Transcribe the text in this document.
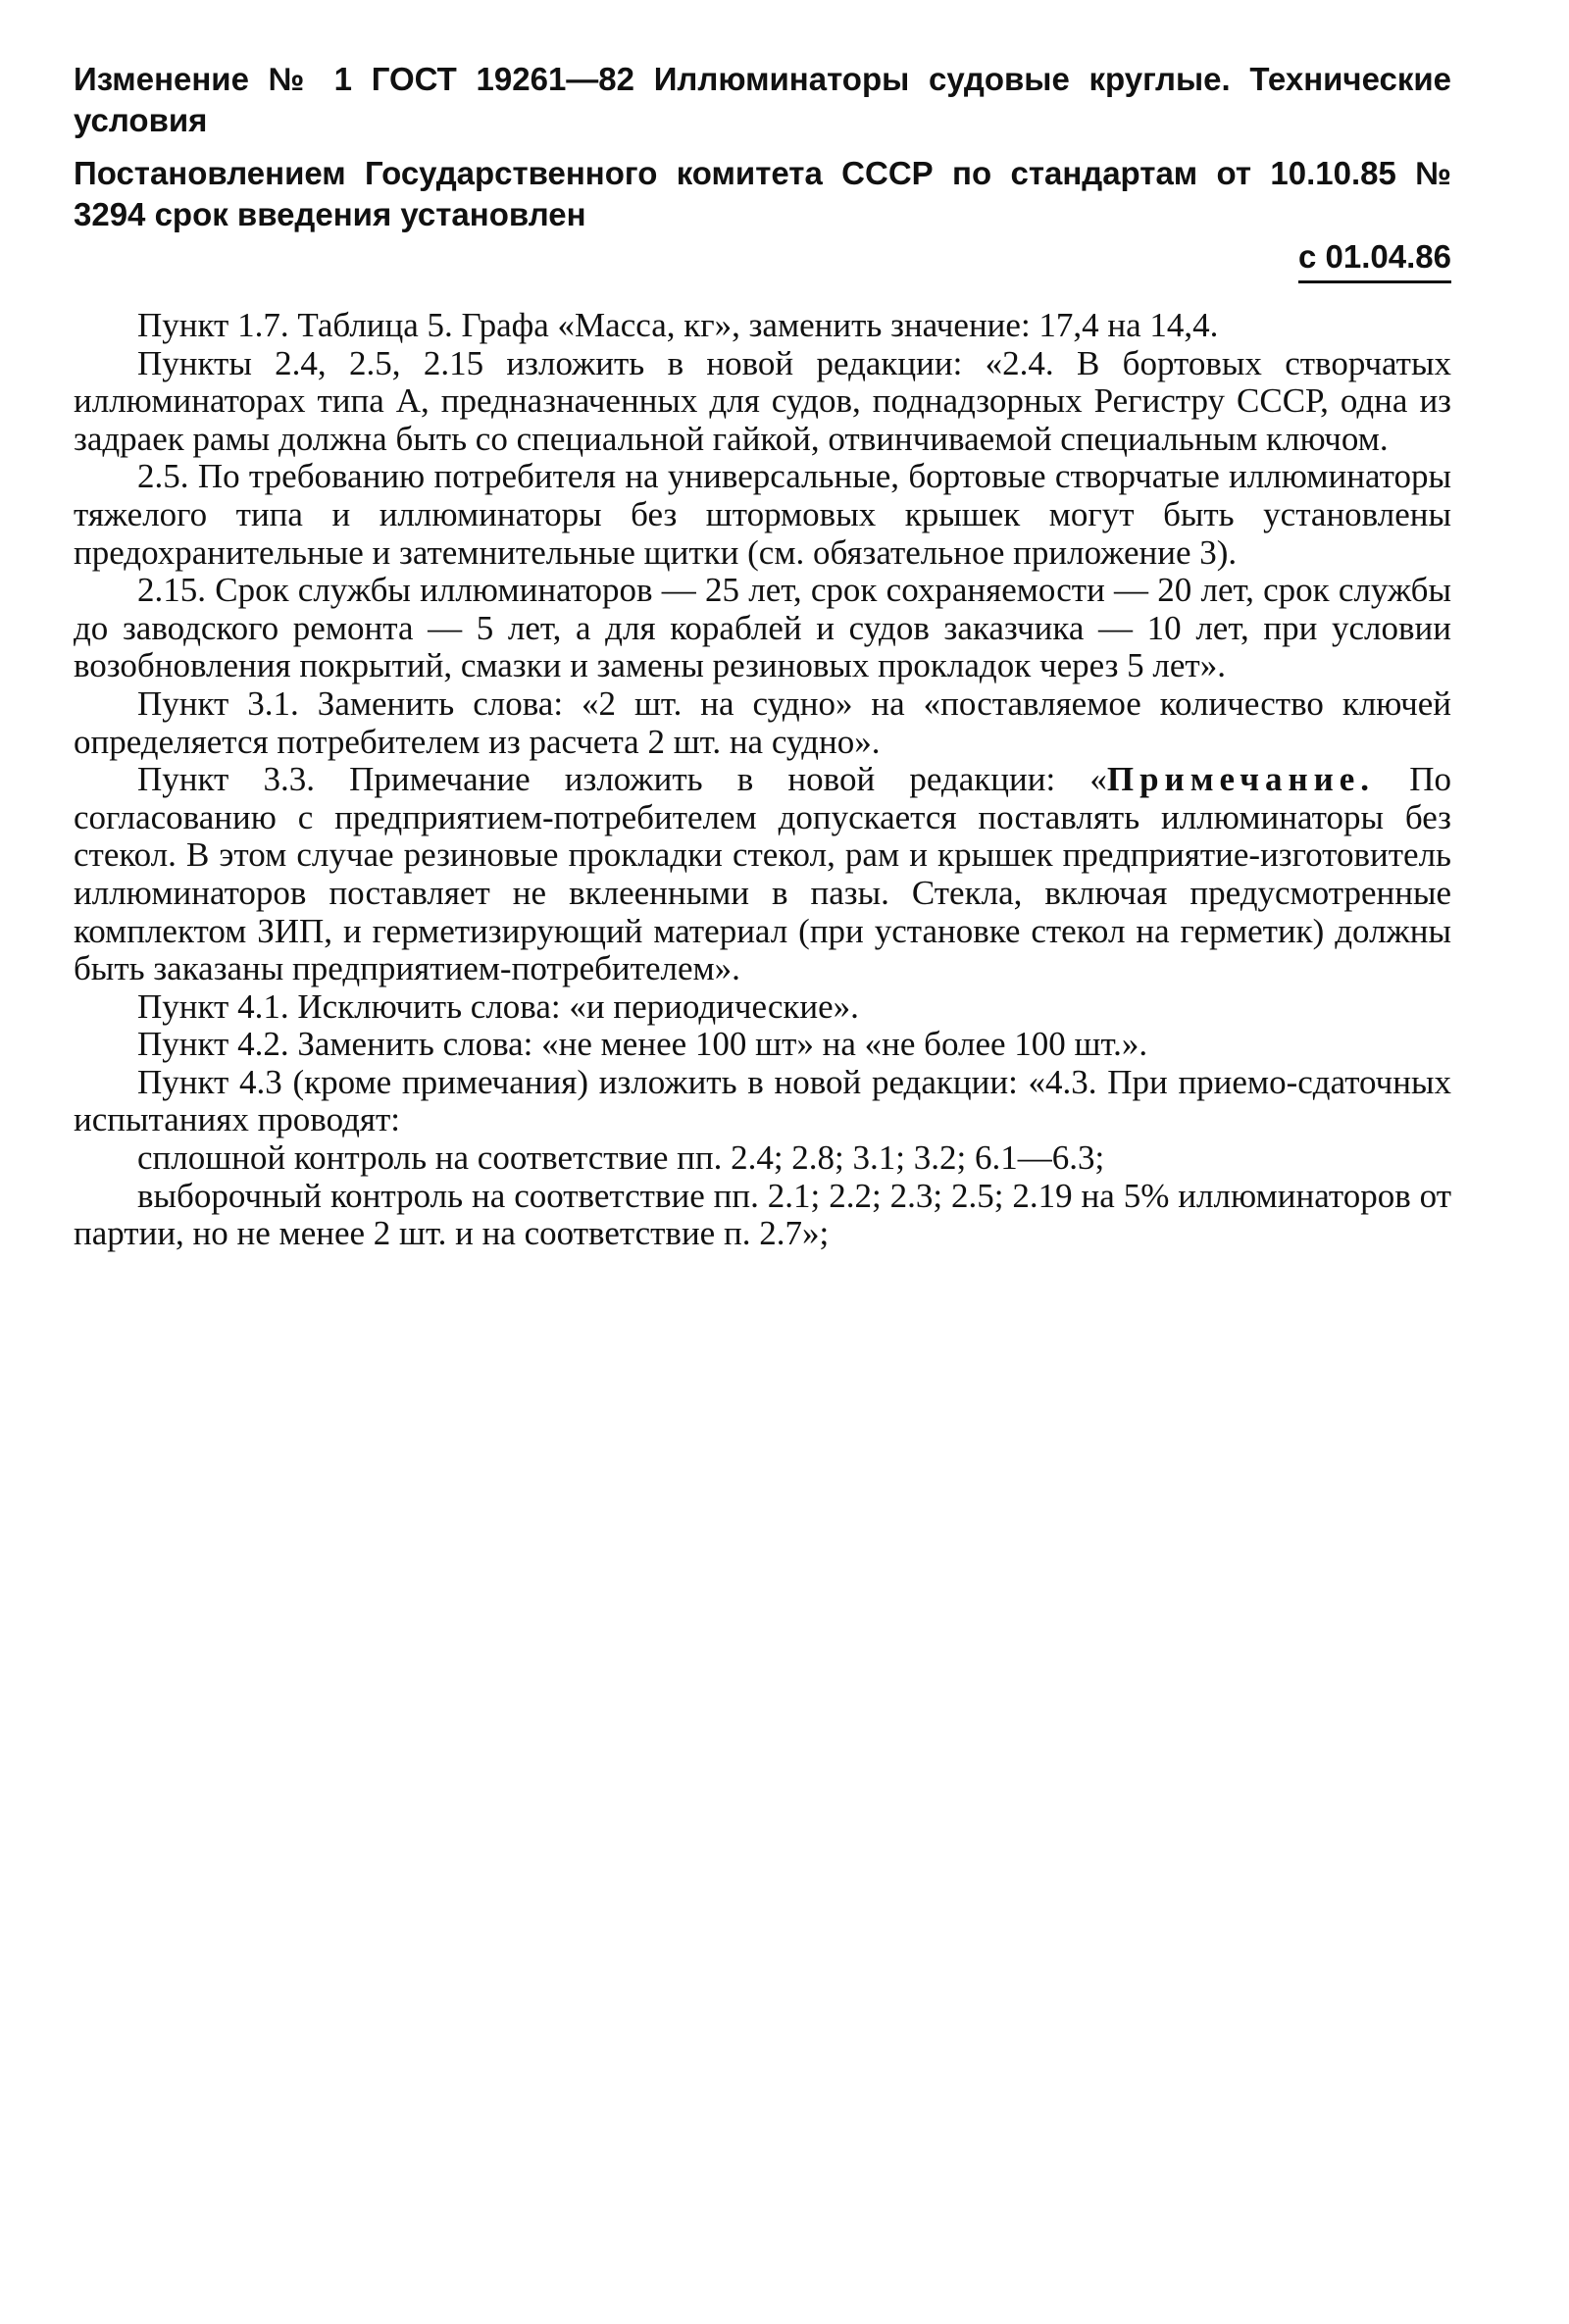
Изменение № 1 ГОСТ 19261—82 Иллюминаторы судовые круглые. Технические условия

Постановлением Государственного комитета СССР по стандартам от 10.10.85 № 3294 срок введения установлен

с 01.04.86

Пункт 1.7. Таблица 5. Графа «Масса, кг», заменить значение: 17,4 на 14,4.

Пункты 2.4, 2.5, 2.15 изложить в новой редакции: «2.4. В бортовых створчатых иллюминаторах типа А, предназначенных для судов, поднадзорных Регистру СССР, одна из задраек рамы должна быть со специальной гайкой, отвинчиваемой специальным ключом.

2.5. По требованию потребителя на универсальные, бортовые створчатые иллюминаторы тяжелого типа и иллюминаторы без штормовых крышек могут быть установлены предохранительные и затемнительные щитки (см. обязательное приложение 3).

2.15. Срок службы иллюминаторов — 25 лет, срок сохраняемости — 20 лет, срок службы до заводского ремонта — 5 лет, а для кораблей и судов заказчика — 10 лет, при условии возобновления покрытий, смазки и замены резиновых прокладок через 5 лет».

Пункт 3.1. Заменить слова: «2 шт. на судно» на «поставляемое количество ключей определяется потребителем из расчета 2 шт. на судно».

Пункт 3.3. Примечание изложить в новой редакции: «Примечание. По согласованию с предприятием-потребителем допускается поставлять иллюминаторы без стекол. В этом случае резиновые прокладки стекол, рам и крышек предприятие-изготовитель иллюминаторов поставляет не вклеенными в пазы. Стекла, включая предусмотренные комплектом ЗИП, и герметизирующий материал (при установке стекол на герметик) должны быть заказаны предприятием-потребителем».

Пункт 4.1. Исключить слова: «и периодические».

Пункт 4.2. Заменить слова: «не менее 100 шт» на «не более 100 шт.».

Пункт 4.3 (кроме примечания) изложить в новой редакции: «4.3. При приемо-сдаточных испытаниях проводят:

сплошной контроль на соответствие пп. 2.4; 2.8; 3.1; 3.2; 6.1—6.3;

выборочный контроль на соответствие пп. 2.1; 2.2; 2.3; 2.5; 2.19 на 5% иллюминаторов от партии, но не менее 2 шт. и на соответствие п. 2.7»;
